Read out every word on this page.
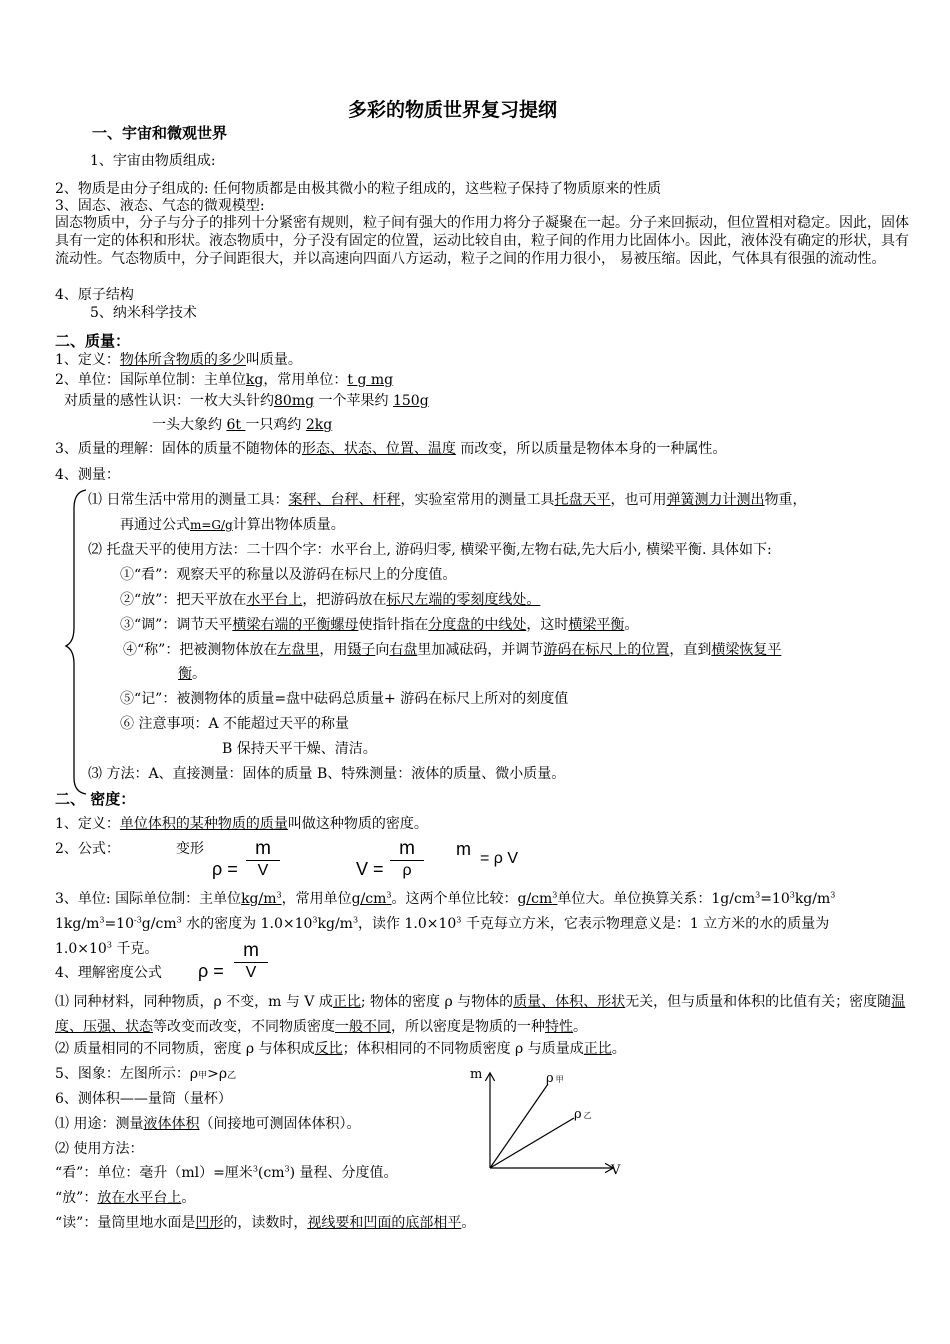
多彩的物质世界复习提纲
一、宇宙和微观世界
1、宇宙由物质组成:
2、物质是由分子组成的: 任何物质都是由极其微小的粒子组成的，这些粒子保持了物质原来的性质
3、固态、液态、气态的微观模型:
固态物质中，分子与分子的排列十分紧密有规则，粒子间有强大的作用力将分子凝聚在一起。分子来回振动，但位置相对稳定。因此，固体具有一定的体积和形状。液态物质中，分子没有固定的位置，运动比较自由，粒子间的作用力比固体小。因此，液体没有确定的形状，具有流动性。气态物质中，分子间距很大，并以高速向四面八方运动，粒子之间的作用力很小， 易被压缩。因此，气体具有很强的流动性。
4、原子结构
5、纳米科学技术
二、质量：
1、定义：物体所含物质的多少叫质量。
2、单位：国际单位制：主单位kg，常用单位：t g mg
对质量的感性认识：一枚大头针约80mg 一个苹果约 150g
一头大象约 6t 一只鸡约 2kg
3、质量的理解：固体的质量不随物体的形态、状态、位置、温度 而改变，所以质量是物体本身的一种属性。
4、测量：
⑴ 日常生活中常用的测量工具：案秤、台秤、杆秤，实验室常用的测量工具托盘天平，也可用弹簧测力计测出物重，
再通过公式m=G/g计算出物体质量。
⑵ 托盘天平的使用方法：二十四个字：水平台上, 游码归零, 横梁平衡,左物右砝,先大后小, 横梁平衡. 具体如下:
①“看”：观察天平的称量以及游码在标尺上的分度值。
②“放”：把天平放在水平台上，把游码放在标尺左端的零刻度线处。
③“调”：调节天平横梁右端的平衡螺母使指针指在分度盘的中线处，这时横梁平衡。
④“称”：把被测物体放在左盘里，用镊子向右盘里加减砝码，并调节游码在标尺上的位置，直到横梁恢复平
衡。
⑤“记”：被测物体的质量=盘中砝码总质量+ 游码在标尺上所对的刻度值
⑥ 注意事项：A 不能超过天平的称量
B 保持天平干燥、清洁。
⑶ 方法：A、直接测量：固体的质量 B、特殊测量：液体的质量、微小质量。
二、 密度：
1、定义：单位体积的某种物质的质量叫做这种物质的密度。
2、公式：	变形
ρ =
m
V	V =
m
ρ
m = ρ V
3、单位: 国际单位制：主单位$kg/m^3$，常用单位$g/cm^3$。这两个单位比较：$g/cm^3$单位大。单位换算关系：$1g/cm^3=10^3kg/m^3$
$1kg/m^3=10^{-3}g/cm^3$ 水的密度为 $1.0\times 10^3kg/m^3$，读作 $1.0\times 10^3$ 千克每立方米，它表示物理意义是：1 立方米的水的质量为
$1.0\times 10^3$ 千克。
4、理解密度公式 ρ =
m
V
⑴ 同种材料，同种物质，ρ 不变，m 与 V 成正比; 物体的密度 ρ 与物体的质量、体积、形状无关，但与质量和体积的比值有关；密度随温度、压强、状态等改变而改变，不同物质密度一般不同，所以密度是物质的一种特性。
⑵ 质量相同的不同物质，密度 ρ 与体积成反比；体积相同的不同物质密度 ρ 与质量成正比。
5、图象：左图所示：ρ甲>ρ乙
6、测体积——量筒（量杯）
⑴ 用途：测量液体体积（间接地可测固体体积）。
⑵ 使用方法：
“看”：单位：毫升（ml）=厘米$^3(cm^3)$ 量程、分度值。
“放”：放在水平台上。
“读”：量筒里地水面是凹形的，读数时，视线要和凹面的底部相平。
m
V
ρ甲
ρ乙
